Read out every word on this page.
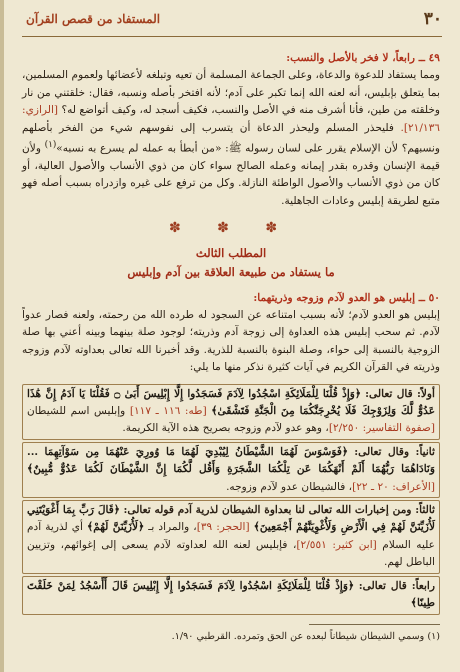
٣٠
المستفاد من قصص القرآن

٤٩ ــ رابعاً، لا فخر بالأصل والنسب:

ومما يستفاد للدعوة والدعاة، وعلى الجماعة المسلمة أن تعيه وتبلغه لأعضائها ولعموم المسلمين، بما يتعلق بإبليس، أنه لعنه الله إنما تكبر على آدم؛ لأنه افتخر بأصله ونسبه، فقال: خلقتني من نار وخلقته من طين، فأنا أشرف منه في الأصل والنسب، فكيف أسجد له، وكيف أتواضع له؟ [الرازي: ٢١/١٣٦]. فليحذر المسلم وليحذر الدعاة أن يتسرب إلى نفوسهم شيء من الفخر بأصلهم ونسبهم؟ لأن الإسلام يقرر على لسان رسوله ﷺ: «من أبطأ به عمله لم يسرع به نسبه»$^{(١)}$ ولأن قيمة الإنسان وقدره بقدر إيمانه وعمله الصالح سواء كان من ذوي الأنساب والأصول العالية، أو كان من ذوي الأنساب والأصول الواطئة النازلة. وكل من ترفع على غيره وازدراه بسبب أصله فهو متبع لطريقة إبليس وعادات الجاهلية.

✽ ✽ ✽
المطلب الثالث
ما يستفاد من طبيعة العلاقة بين آدم وإبليس

٥٠ ــ إبليس هو العدو لآدم وزوجه وذريتهما:

إبليس هو العدو لآدم؛ لأنه بسبب امتناعه عن السجود له طرده الله من رحمته، ولعنه فصار عدواً لآدم. ثم سحب إبليس هذه العداوة إلى زوجة آدم وذريته؛ لوجود صلة بينهما وبينه أعني بها صلة الزوجية بالنسبة إلى حواء، وصلة البنوة بالنسبة للذرية. وقد أخبرنا الله تعالى بعداوته لآدم وزوجه وذريته في القرآن الكريم في آيات كثيرة نذكر منها ما يلي:

أولاً: قال تعالى: ﴿وَإِذْ قُلْنَا لِلْمَلَائِكَةِ اسْجُدُوا لِآدَمَ فَسَجَدُوا إِلَّا إِبْلِيسَ أَبَىٰ ۝ فَقُلْنَا يَا آدَمُ إِنَّ هَٰذَا عَدُوٌّ لَّكَ وَلِزَوْجِكَ فَلَا يُخْرِجَنَّكُمَا مِنَ الْجَنَّةِ فَتَشْقَىٰ﴾ [طه: ١١٦ ـ ١١٧] وإبليس اسم للشيطان [صفوة التفاسير: ٢/٢٥٠]، وهو عدو لآدم وزوجه بصريح هذه الآية الكريمة.
ثانياً: وقال تعالى: ﴿فَوَسْوَسَ لَهُمَا الشَّيْطَانُ لِيُبْدِيَ لَهُمَا مَا وُورِيَ عَنْهُمَا مِن سَوْآتِهِمَا ... وَنَادَاهُمَا رَبُّهُمَا أَلَمْ أَنْهَكُمَا عَن تِلْكُمَا الشَّجَرَةِ وَأَقُل لَّكُمَا إِنَّ الشَّيْطَانَ لَكُمَا عَدُوٌّ مُّبِينٌ﴾ [الأعراف: ٢٠ ـ ٢٢]، فالشيطان عدو لآدم وزوجه.
ثالثاً: ومن إخبارات الله تعالى لنا بعداوة الشيطان لذرية آدم قوله تعالى: ﴿قَالَ رَبِّ بِمَا أَغْوَيْتَنِي لَأُزَيِّنَنَّ لَهُمْ فِي الْأَرْضِ وَلَأُغْوِيَنَّهُمْ أَجْمَعِينَ﴾ [الحجر: ٣٩]، والمراد بـ ﴿لَأُزَيِّنَنَّ لَهُمْ﴾ أي لذرية آدم عليه السلام [ابن كثير: ٢/٥٥١]، فإبليس لعنه الله لعداوته لآدم يسعى إلى إغوائهم، وتزيين الباطل لهم.
رابعاً: قال تعالى: ﴿وَإِذْ قُلْنَا لِلْمَلَائِكَةِ اسْجُدُوا لِآدَمَ فَسَجَدُوا إِلَّا إِبْلِيسَ قَالَ أَأَسْجُدُ لِمَنْ خَلَقْتَ طِينًا﴾
(١) وسمي الشيطان شيطاناً لبعده عن الحق وتمرده. القرطبي ١/٩٠.
